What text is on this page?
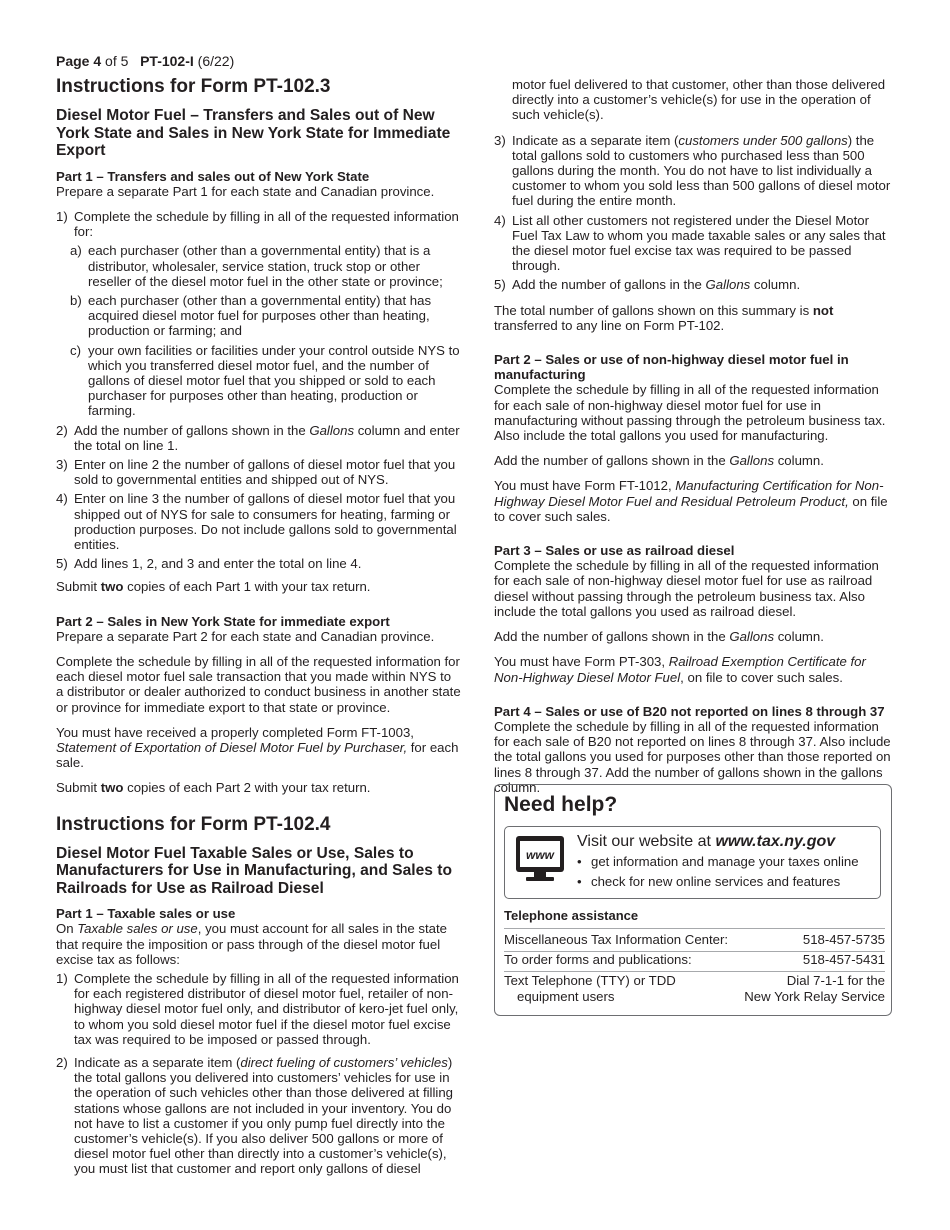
Page 4 of 5 PT-102-I (6/22)
Instructions for Form PT-102.3
Diesel Motor Fuel – Transfers and Sales out of New York State and Sales in New York State for Immediate Export
Part 1 – Transfers and sales out of New York State

Prepare a separate Part 1 for each state and Canadian province.

1) Complete the schedule by filling in all of the requested information for:
a) each purchaser (other than a governmental entity) that is a distributor, wholesaler, service station, truck stop or other reseller of the diesel motor fuel in the other state or province;
b) each purchaser (other than a governmental entity) that has acquired diesel motor fuel for purposes other than heating, production or farming; and
c) your own facilities or facilities under your control outside NYS to which you transferred diesel motor fuel, and the number of gallons of diesel motor fuel that you shipped or sold to each purchaser for purposes other than heating, production or farming.
2) Add the number of gallons shown in the Gallons column and enter the total on line 1.
3) Enter on line 2 the number of gallons of diesel motor fuel that you sold to governmental entities and shipped out of NYS.
4) Enter on line 3 the number of gallons of diesel motor fuel that you shipped out of NYS for sale to consumers for heating, farming or production purposes. Do not include gallons sold to governmental entities.
5) Add lines 1, 2, and 3 and enter the total on line 4.

Submit two copies of each Part 1 with your tax return.

Part 2 – Sales in New York State for immediate export

Prepare a separate Part 2 for each state and Canadian province.

Complete the schedule by filling in all of the requested information for each diesel motor fuel sale transaction that you made within NYS to a distributor or dealer authorized to conduct business in another state or province for immediate export to that state or province.

You must have received a properly completed Form FT-1003, Statement of Exportation of Diesel Motor Fuel by Purchaser, for each sale.

Submit two copies of each Part 2 with your tax return.

Instructions for Form PT-102.4
Diesel Motor Fuel Taxable Sales or Use, Sales to Manufacturers for Use in Manufacturing, and Sales to Railroads for Use as Railroad Diesel
Part 1 – Taxable sales or use

On Taxable sales or use, you must account for all sales in the state that require the imposition or pass through of the diesel motor fuel excise tax as follows:

1) Complete the schedule by filling in all of the requested information for each registered distributor of diesel motor fuel, retailer of non-highway diesel motor fuel only, and distributor of kero-jet fuel only, to whom you sold diesel motor fuel if the diesel motor fuel excise tax was required to be imposed or passed through.
2) Indicate as a separate item (direct fueling of customers’ vehicles) the total gallons you delivered into customers’ vehicles for use in the operation of such vehicles other than those delivered at filling stations whose gallons are not included in your inventory. You do not have to list a customer if you only pump fuel directly into the customer’s vehicle(s). If you also deliver 500 gallons or more of diesel motor fuel other than directly into a customer’s vehicle(s), you must list that customer and report only gallons of diesel
motor fuel delivered to that customer, other than those delivered directly into a customer’s vehicle(s) for use in the operation of such vehicle(s).
3) Indicate as a separate item (customers under 500 gallons) the total gallons sold to customers who purchased less than 500 gallons during the month. You do not have to list individually a customer to whom you sold less than 500 gallons of diesel motor fuel during the entire month.
4) List all other customers not registered under the Diesel Motor Fuel Tax Law to whom you made taxable sales or any sales that the diesel motor fuel excise tax was required to be passed through.
5) Add the number of gallons in the Gallons column.

The total number of gallons shown on this summary is not transferred to any line on Form PT-102.

Part 2 – Sales or use of non-highway diesel motor fuel in manufacturing

Complete the schedule by filling in all of the requested information for each sale of non-highway diesel motor fuel for use in manufacturing without passing through the petroleum business tax. Also include the total gallons you used for manufacturing.

Add the number of gallons shown in the Gallons column.

You must have Form FT-1012, Manufacturing Certification for Non-Highway Diesel Motor Fuel and Residual Petroleum Product, on file to cover such sales.

Part 3 – Sales or use as railroad diesel

Complete the schedule by filling in all of the requested information for each sale of non-highway diesel motor fuel for use as railroad diesel without passing through the petroleum business tax. Also include the total gallons you used as railroad diesel.

Add the number of gallons shown in the Gallons column.

You must have Form PT-303, Railroad Exemption Certificate for Non-Highway Diesel Motor Fuel, on file to cover such sales.

Part 4 – Sales or use of B20 not reported on lines 8 through 37

Complete the schedule by filling in all of the requested information for each sale of B20 not reported on lines 8 through 37. Also include the total gallons you used for purposes other than those reported on lines 8 through 37. Add the number of gallons shown in the gallons column.

Need help?
www
Visit our website at www.tax.ny.gov
• get information and manage your taxes online
• check for new online services and features
Telephone assistance
Miscellaneous Tax Information Center:	518-457-5735
To order forms and publications:	518-457-5431
Text Telephone (TTY) or TDD
equipment users
Dial 7-1-1 for the
New York Relay Service
